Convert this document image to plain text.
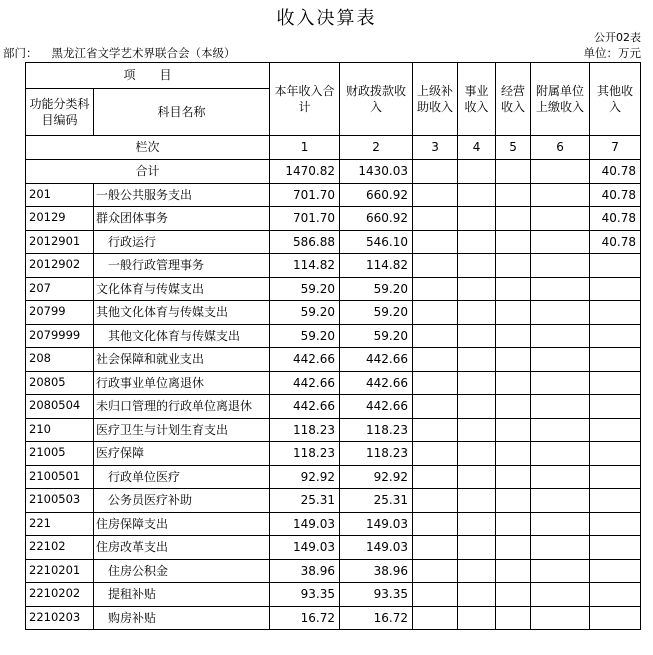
收入决算表
公开02表
部门： 黑龙江省文学艺术界联合会（本级）	单位：万元
项　　目		本年收入合计	财政拨款收入	上级补助收入	事业收入	经营收入	附属单位上缴收入	其他收入
功能分类科目编码	科目名称							
栏次		1	2	3	4	5	6	7
合计		1470.82	1430.03					40.78
201	一般公共服务支出	701.70	660.92					40.78
20129	群众团体事务	701.70	660.92					40.78
2012901	行政运行	586.88	546.10					40.78
2012902	一般行政管理事务	114.82	114.82					
207	文化体育与传媒支出	59.20	59.20					
20799	其他文化体育与传媒支出	59.20	59.20					
2079999	其他文化体育与传媒支出	59.20	59.20					
208	社会保障和就业支出	442.66	442.66					
20805	行政事业单位离退休	442.66	442.66					
2080504	未归口管理的行政单位离退休	442.66	442.66					
210	医疗卫生与计划生育支出	118.23	118.23					
21005	医疗保障	118.23	118.23					
2100501	行政单位医疗	92.92	92.92					
2100503	公务员医疗补助	25.31	25.31					
221	住房保障支出	149.03	149.03					
22102	住房改革支出	149.03	149.03					
2210201	住房公积金	38.96	38.96					
2210202	提租补贴	93.35	93.35					
2210203	购房补贴	16.72	16.72					
